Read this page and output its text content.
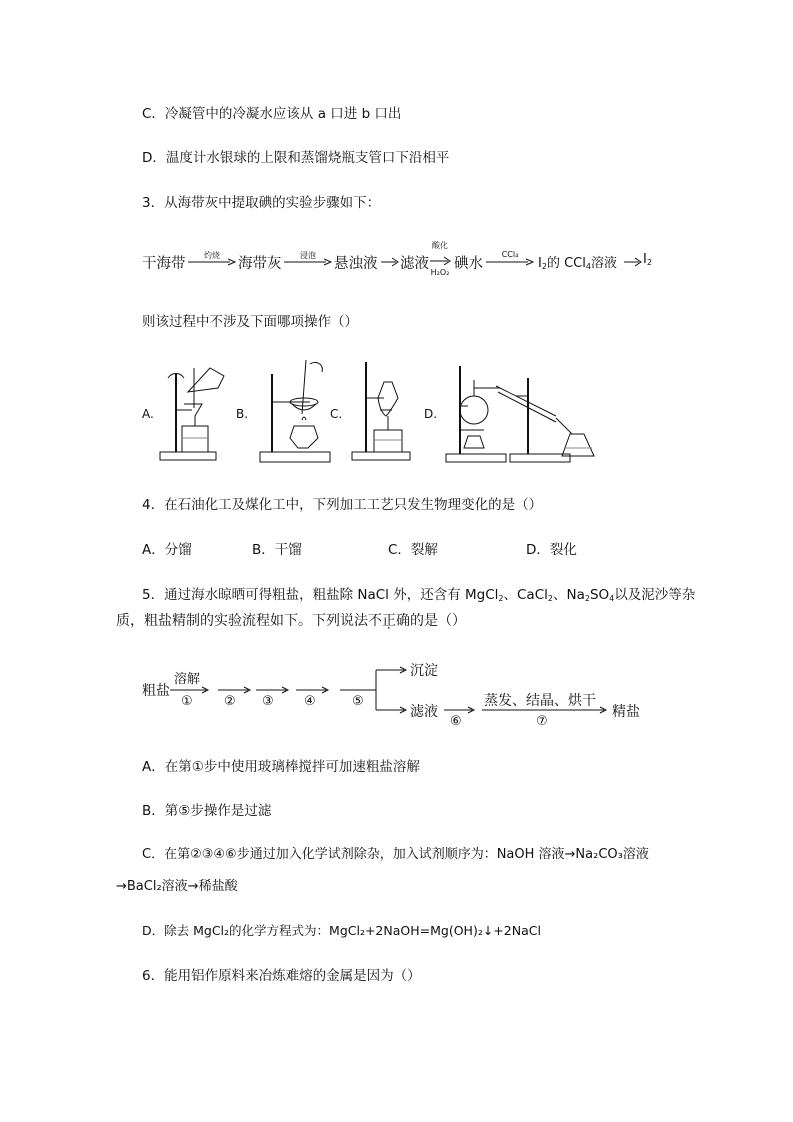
C．冷凝管中的冷凝水应该从 a 口进 b 口出
D．温度计水银球的上限和蒸馏烧瓶支管口下沿相平
3．从海带灰中提取碘的实验步骤如下：
干海带
灼烧
海带灰
浸泡
悬浊液 滤液
酸化
H₂O₂
碘水
CCl₄
$I_2$的 CCl$_4$溶液 $I_2$
则该过程中不涉及下面哪项操作（）
A.	B.	C.	D.
4．在石油化工及煤化工中，下列加工工艺只发生物理变化的是（）
A．分馏	B．干馏	C．裂解	D．裂化
5．通过海水晾晒可得粗盐，粗盐除 NaCl 外，还含有 MgCl$_2$、CaCl$_2$、$Na_2SO_4$以及泥沙等杂
质，粗盐精制的实验流程如下。下列说法不正确的是（）
粗盐
溶解
① ② ③ ④	⑤
沉淀
滤液
⑥
蒸发、结晶、烘干
⑦
精盐
A．在第①步中使用玻璃棒搅拌可加速粗盐溶解
B．第⑤步操作是过滤
C．在第②③④⑥步通过加入化学试剂除杂，加入试剂顺序为：NaOH 溶液→Na₂CO₃溶液
→BaCl₂溶液→稀盐酸
D．除去 MgCl₂的化学方程式为：MgCl₂+2NaOH=Mg(OH)₂↓+2NaCl
6．能用铝作原料来冶炼难熔的金属是因为（）
